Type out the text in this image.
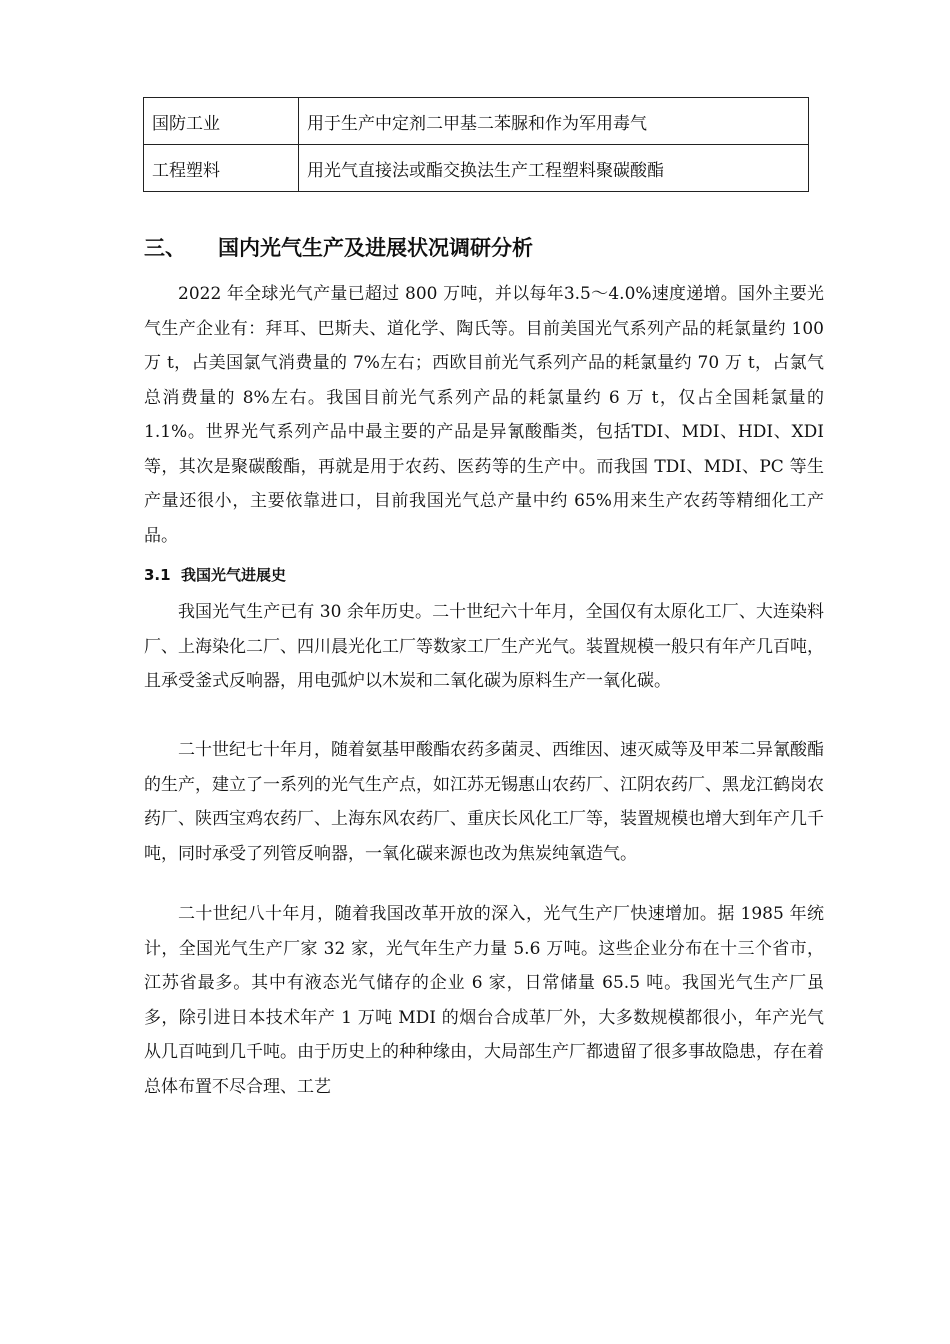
国防工业	用于生产中定剂二甲基二苯脲和作为军用毒气
工程塑料	用光气直接法或酯交换法生产工程塑料聚碳酸酯
三、 国内光气生产及进展状况调研分析

2022 年全球光气产量已超过 800 万吨，并以每年3.5～4.0%速度递增。国外主要光气生产企业有：拜耳、巴斯夫、道化学、陶氏等。目前美国光气系列产品的耗氯量约 100 万 t，占美国氯气消费量的 7%左右；西欧目前光气系列产品的耗氯量约 70 万 t，占氯气总消费量的 8%左右。我国目前光气系列产品的耗氯量约 6 万 t，仅占全国耗氯量的 1.1%。世界光气系列产品中最主要的产品是异氰酸酯类，包括TDI、MDI、HDI、XDI 等，其次是聚碳酸酯，再就是用于农药、医药等的生产中。而我国 TDI、MDI、PC 等生产量还很小，主要依靠进口，目前我国光气总产量中约 65%用来生产农药等精细化工产品。

3.1 我国光气进展史

我国光气生产已有 30 余年历史。二十世纪六十年月，全国仅有太原化工厂、大连染料厂、上海染化二厂、四川晨光化工厂等数家工厂生产光气。装置规模一般只有年产几百吨，且承受釜式反响器，用电弧炉以木炭和二氧化碳为原料生产一氧化碳。

二十世纪七十年月，随着氨基甲酸酯农药多菌灵、西维因、速灭威等及甲苯二异氰酸酯的生产，建立了一系列的光气生产点，如江苏无锡惠山农药厂、江阴农药厂、黑龙江鹤岗农药厂、陕西宝鸡农药厂、上海东风农药厂、重庆长风化工厂等，装置规模也增大到年产几千吨，同时承受了列管反响器，一氧化碳来源也改为焦炭纯氧造气。

二十世纪八十年月，随着我国改革开放的深入，光气生产厂快速增加。据 1985 年统计，全国光气生产厂家 32 家，光气年生产力量 5.6 万吨。这些企业分布在十三个省市，江苏省最多。其中有液态光气储存的企业 6 家，日常储量 65.5 吨。我国光气生产厂虽多，除引进日本技术年产 1 万吨 MDI 的烟台合成革厂外，大多数规模都很小，年产光气从几百吨到几千吨。由于历史上的种种缘由，大局部生产厂都遗留了很多事故隐患，存在着总体布置不尽合理、工艺
